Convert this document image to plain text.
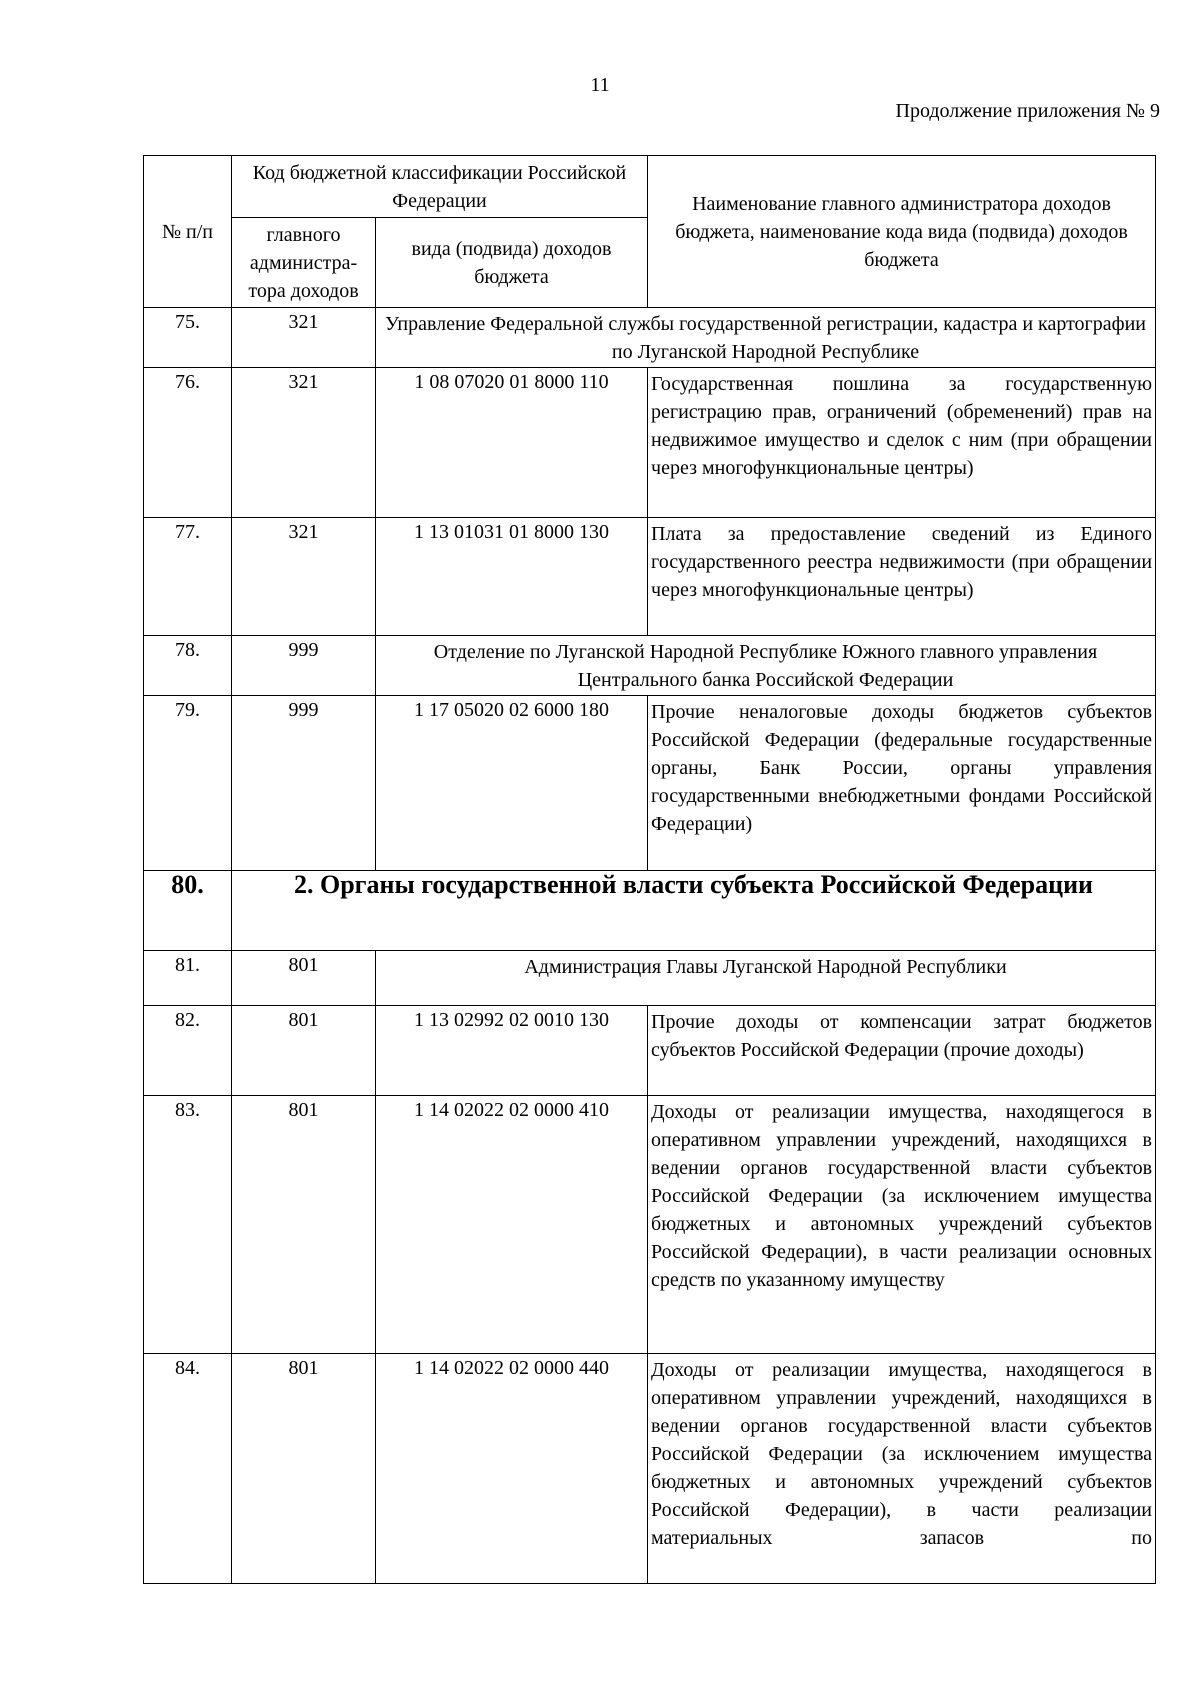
11
Продолжение приложения № 9
№ п/п	Код бюджетной классификации Российской Федерации		Наименование главного администратора доходов бюджета, наименование кода вида (подвида) доходов бюджета
	главного администра-тора доходов	вида (подвида) доходов бюджета	
75.	321	Управление Федеральной службы государственной регистрации, кадастра и картографии по Луганской Народной Республике	
76.	321	1 08 07020 01 8000 110	Государственная пошлина за государственную регистрацию прав, ограничений (обременений) прав на недвижимое имущество и сделок с ним (при обращении через многофункциональные центры)
77.	321	1 13 01031 01 8000 130	Плата за предоставление сведений из Единого государственного реестра недвижимости (при обращении через многофункциональные центры)
78.	999	Отделение по Луганской Народной Республике Южного главного управления Центрального банка Российской Федерации	
79.	999	1 17 05020 02 6000 180	Прочие неналоговые доходы бюджетов субъектов Российской Федерации (федеральные государственные органы, Банк России, органы управления государственными внебюджетными фондами Российской Федерации)
80.	2. Органы государственной власти субъекта Российской Федерации		
81.	801	Администрация Главы Луганской Народной Республики	
82.	801	1 13 02992 02 0010 130	Прочие доходы от компенсации затрат бюджетов субъектов Российской Федерации (прочие доходы)
83.	801	1 14 02022 02 0000 410	Доходы от реализации имущества, находящегося в оперативном управлении учреждений, находящихся в ведении органов государственной власти субъектов Российской Федерации (за исключением имущества бюджетных и автономных учреждений субъектов Российской Федерации), в части реализации основных средств по указанному имуществу
84.	801	1 14 02022 02 0000 440	Доходы от реализации имущества, находящегося в оперативном управлении учреждений, находящихся в ведении органов государственной власти субъектов Российской Федерации (за исключением имущества бюджетных и автономных учреждений субъектов Российской Федерации), в части реализации материальных запасов по
